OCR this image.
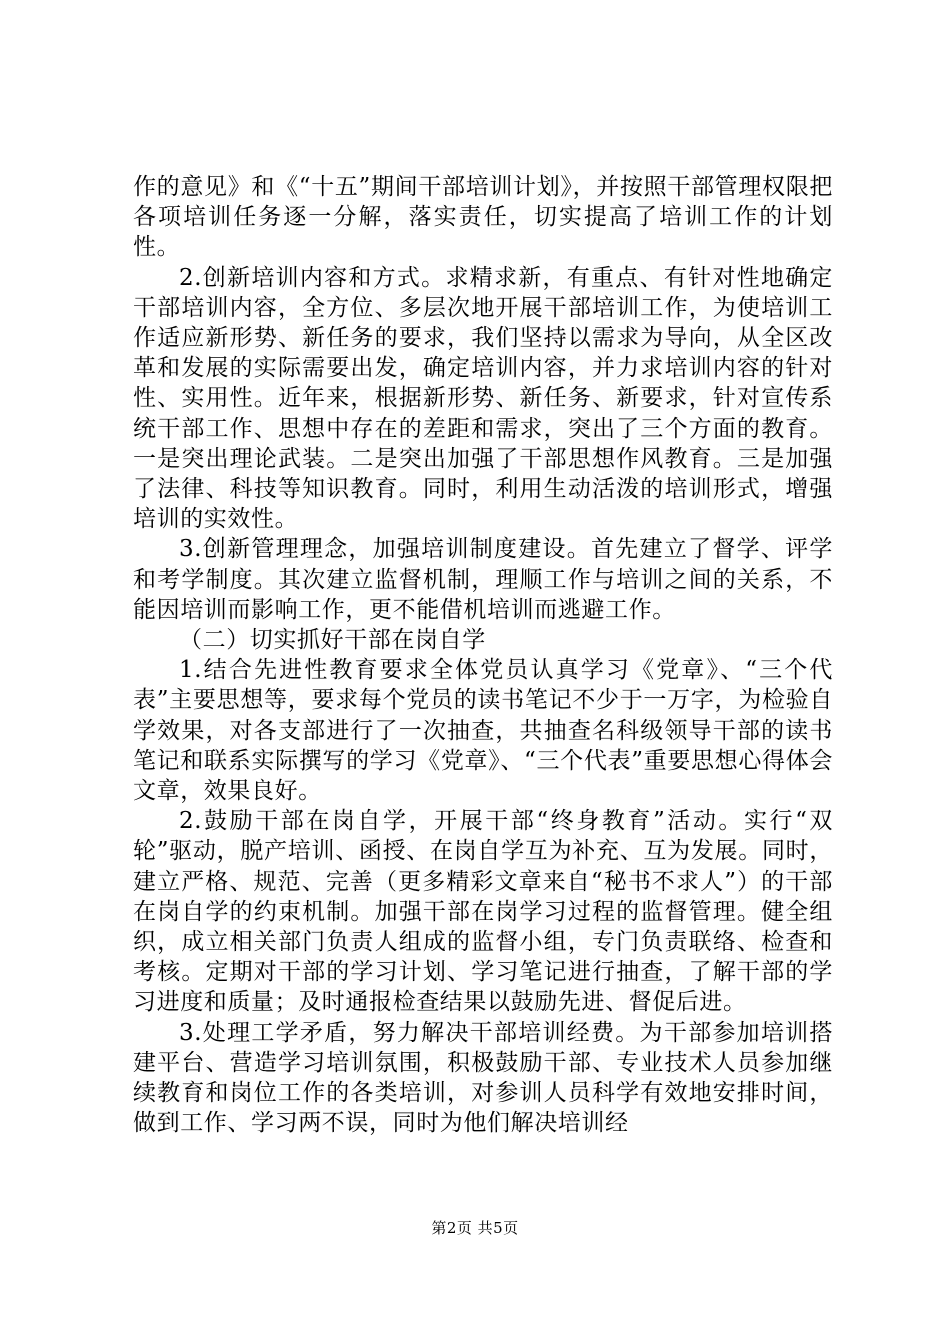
作的意见》和《“十五”期间干部培训计划》，并按照干部管理权限把各项培训任务逐一分解，落实责任，切实提高了培训工作的计划性。

2.创新培训内容和方式。求精求新，有重点、有针对性地确定干部培训内容，全方位、多层次地开展干部培训工作，为使培训工作适应新形势、新任务的要求，我们坚持以需求为导向，从全区改革和发展的实际需要出发，确定培训内容，并力求培训内容的针对性、实用性。近年来，根据新形势、新任务、新要求，针对宣传系统干部工作、思想中存在的差距和需求，突出了三个方面的教育。一是突出理论武装。二是突出加强了干部思想作风教育。三是加强了法律、科技等知识教育。同时，利用生动活泼的培训形式，增强培训的实效性。

3.创新管理理念，加强培训制度建设。首先建立了督学、评学和考学制度。其次建立监督机制，理顺工作与培训之间的关系，不能因培训而影响工作，更不能借机培训而逃避工作。

（二）切实抓好干部在岗自学

1.结合先进性教育要求全体党员认真学习《党章》、“三个代表”主要思想等，要求每个党员的读书笔记不少于一万字，为检验自学效果，对各支部进行了一次抽查，共抽查名科级领导干部的读书笔记和联系实际撰写的学习《党章》、“三个代表”重要思想心得体会文章，效果良好。

2.鼓励干部在岗自学，开展干部“终身教育”活动。实行“双轮”驱动，脱产培训、函授、在岗自学互为补充、互为发展。同时，建立严格、规范、完善（更多精彩文章来自“秘书不求人”）的干部在岗自学的约束机制。加强干部在岗学习过程的监督管理。健全组织，成立相关部门负责人组成的监督小组，专门负责联络、检查和考核。定期对干部的学习计划、学习笔记进行抽查，了解干部的学习进度和质量；及时通报检查结果以鼓励先进、督促后进。

3.处理工学矛盾，努力解决干部培训经费。为干部参加培训搭建平台、营造学习培训氛围，积极鼓励干部、专业技术人员参加继续教育和岗位工作的各类培训，对参训人员科学有效地安排时间，做到工作、学习两不误，同时为他们解决培训经

第2页 共5页
